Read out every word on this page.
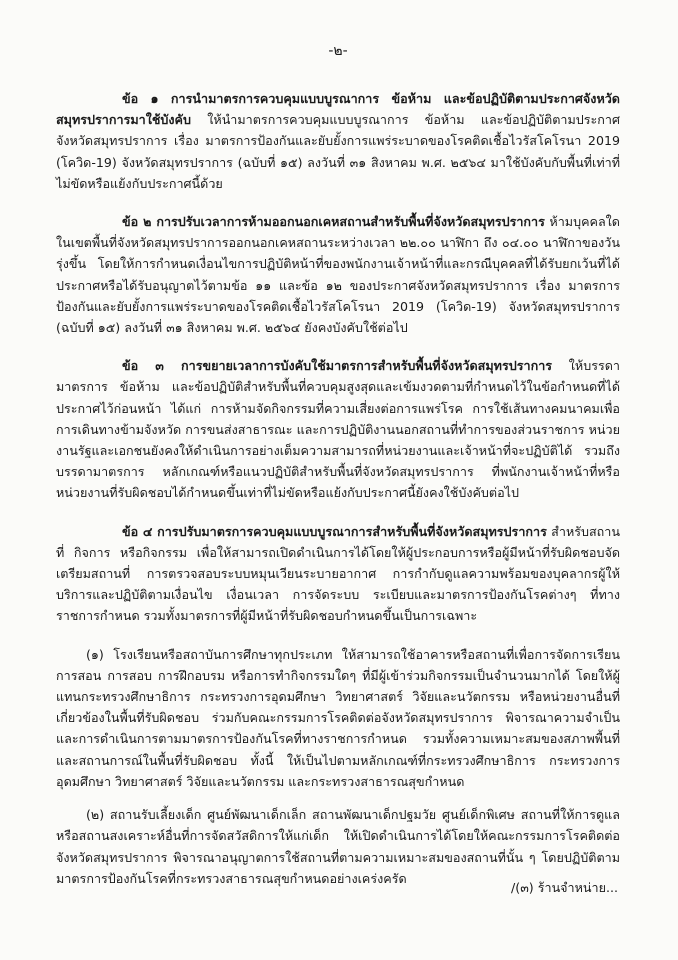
-๒-

ข้อ ๑ การนำมาตรการควบคุมแบบบูรณาการ ข้อห้าม และข้อปฏิบัติตามประกาศจังหวัดสมุทรปราการมาใช้บังคับ ให้นำมาตรการควบคุมแบบบูรณาการ ข้อห้าม และข้อปฏิบัติตามประกาศจังหวัดสมุทรปราการ เรื่อง มาตรการป้องกันและยับยั้งการแพร่ระบาดของโรคติดเชื้อไวรัสโคโรนา 2019 (โควิด-19) จังหวัดสมุทรปราการ (ฉบับที่ ๑๕) ลงวันที่ ๓๑ สิงหาคม พ.ศ. ๒๕๖๔ มาใช้บังคับกับพื้นที่เท่าที่ไม่ขัดหรือแย้งกับประกาศนี้ด้วย

ข้อ ๒ การปรับเวลาการห้ามออกนอกเคหสถานสำหรับพื้นที่จังหวัดสมุทรปราการ ห้ามบุคคลใดในเขตพื้นที่จังหวัดสมุทรปราการออกนอกเคหสถานระหว่างเวลา ๒๒.๐๐ นาฬิกา ถึง ๐๔.๐๐ นาฬิกาของวันรุ่งขึ้น โดยให้การกำหนดเงื่อนไขการปฏิบัติหน้าที่ของพนักงานเจ้าหน้าที่และกรณีบุคคลที่ได้รับยกเว้นที่ได้ประกาศหรือได้รับอนุญาตไว้ตามข้อ ๑๑ และข้อ ๑๒ ของประกาศจังหวัดสมุทรปราการ เรื่อง มาตรการป้องกันและยับยั้งการแพร่ระบาดของโรคติดเชื้อไวรัสโคโรนา 2019 (โควิด-19) จังหวัดสมุทรปราการ (ฉบับที่ ๑๕) ลงวันที่ ๓๑ สิงหาคม พ.ศ. ๒๕๖๔ ยังคงบังคับใช้ต่อไป

ข้อ ๓ การขยายเวลาการบังคับใช้มาตรการสำหรับพื้นที่จังหวัดสมุทรปราการ ให้บรรดามาตรการ ข้อห้าม และข้อปฏิบัติสำหรับพื้นที่ควบคุมสูงสุดและเข้มงวดตามที่กำหนดไว้ในข้อกำหนดที่ได้ประกาศไว้ก่อนหน้า ได้แก่ การห้ามจัดกิจกรรมที่ความเสี่ยงต่อการแพร่โรค การใช้เส้นทางคมนาคมเพื่อการเดินทางข้ามจังหวัด การขนส่งสาธารณะ และการปฏิบัติงานนอกสถานที่ทำการของส่วนราชการ หน่วยงานรัฐและเอกชนยังคงให้ดำเนินการอย่างเต็มความสามารถที่หน่วยงานและเจ้าหน้าที่จะปฏิบัติได้ รวมถึงบรรดามาตรการ หลักเกณฑ์หรือแนวปฏิบัติสำหรับพื้นที่จังหวัดสมุทรปราการ ที่พนักงานเจ้าหน้าที่หรือหน่วยงานที่รับผิดชอบได้กำหนดขึ้นเท่าที่ไม่ขัดหรือแย้งกับประกาศนี้ยังคงใช้บังคับต่อไป

ข้อ ๔ การปรับมาตรการควบคุมแบบบูรณาการสำหรับพื้นที่จังหวัดสมุทรปราการ สำหรับสถานที่ กิจการ หรือกิจกรรม เพื่อให้สามารถเปิดดำเนินการได้โดยให้ผู้ประกอบการหรือผู้มีหน้าที่รับผิดชอบจัดเตรียมสถานที่ การตรวจสอบระบบหมุนเวียนระบายอากาศ การกำกับดูแลความพร้อมของบุคลากรผู้ให้บริการและปฏิบัติตามเงื่อนไข เงื่อนเวลา การจัดระบบ ระเบียบและมาตรการป้องกันโรคต่างๆ ที่ทางราชการกำหนด รวมทั้งมาตรการที่ผู้มีหน้าที่รับผิดชอบกำหนดขึ้นเป็นการเฉพาะ

(๑) โรงเรียนหรือสถาบันการศึกษาทุกประเภท ให้สามารถใช้อาคารหรือสถานที่เพื่อการจัดการเรียนการสอน การสอบ การฝึกอบรม หรือการทำกิจกรรมใดๆ ที่มีผู้เข้าร่วมกิจกรรมเป็นจำนวนมากได้ โดยให้ผู้แทนกระทรวงศึกษาธิการ กระทรวงการอุดมศึกษา วิทยาศาสตร์ วิจัยและนวัตกรรม หรือหน่วยงานอื่นที่เกี่ยวข้องในพื้นที่รับผิดชอบ ร่วมกับคณะกรรมการโรคติดต่อจังหวัดสมุทรปราการ พิจารณาความจำเป็นและการดำเนินการตามมาตรการป้องกันโรคที่ทางราชการกำหนด รวมทั้งความเหมาะสมของสภาพพื้นที่และสถานการณ์ในพื้นที่รับผิดชอบ ทั้งนี้ ให้เป็นไปตามหลักเกณฑ์ที่กระทรวงศึกษาธิการ กระทรวงการอุดมศึกษา วิทยาศาสตร์ วิจัยและนวัตกรรม และกระทรวงสาธารณสุขกำหนด

(๒) สถานรับเลี้ยงเด็ก ศูนย์พัฒนาเด็กเล็ก สถานพัฒนาเด็กปฐมวัย ศูนย์เด็กพิเศษ สถานที่ให้การดูแลหรือสถานสงเคราะห์อื่นที่การจัดสวัสดิการให้แก่เด็ก ให้เปิดดำเนินการได้โดยให้คณะกรรมการโรคติดต่อจังหวัดสมุทรปราการ พิจารณาอนุญาตการใช้สถานที่ตามความเหมาะสมของสถานที่นั้น ๆ โดยปฏิบัติตามมาตรการป้องกันโรคที่กระทรวงสาธารณสุขกำหนดอย่างเคร่งครัด

/(๓) ร้านจำหน่าย...
